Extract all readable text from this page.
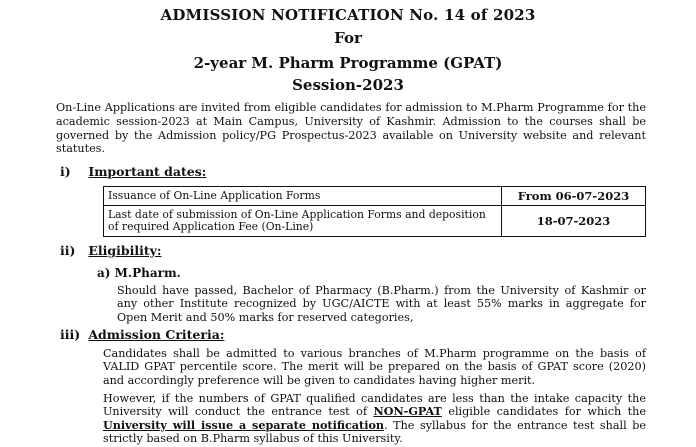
ADMISSION NOTIFICATION No. 14 of 2023
For
2-year M. Pharm Programme (GPAT)
Session-2023
On-Line Applications are invited from eligible candidates for admission to M.Pharm Programme for the academic session-2023 at Main Campus, University of Kashmir. Admission to the courses shall be governed by the Admission policy/PG Prospectus-2023 available on University website and relevant statutes.
i) Important dates:
Issuance of On-Line Application Forms	From 06-07-2023
Last date of submission of On-Line Application Forms and deposition of required Application Fee (On-Line)	18-07-2023
ii) Eligibility:
a) M.Pharm.
Should have passed, Bachelor of Pharmacy (B.Pharm.) from the University of Kashmir or any other Institute recognized by UGC/AICTE with at least 55% marks in aggregate for Open Merit and 50% marks for reserved categories,
iii) Admission Criteria:
Candidates shall be admitted to various branches of M.Pharm programme on the basis of VALID GPAT percentile score. The merit will be prepared on the basis of GPAT score (2020) and accordingly preference will be given to candidates having higher merit.
However, if the numbers of GPAT qualified candidates are less than the intake capacity the University will conduct the entrance test of NON-GPAT eligible candidates for which the University will issue a separate notification. The syllabus for the entrance test shall be strictly based on B.Pharm syllabus of this University.
